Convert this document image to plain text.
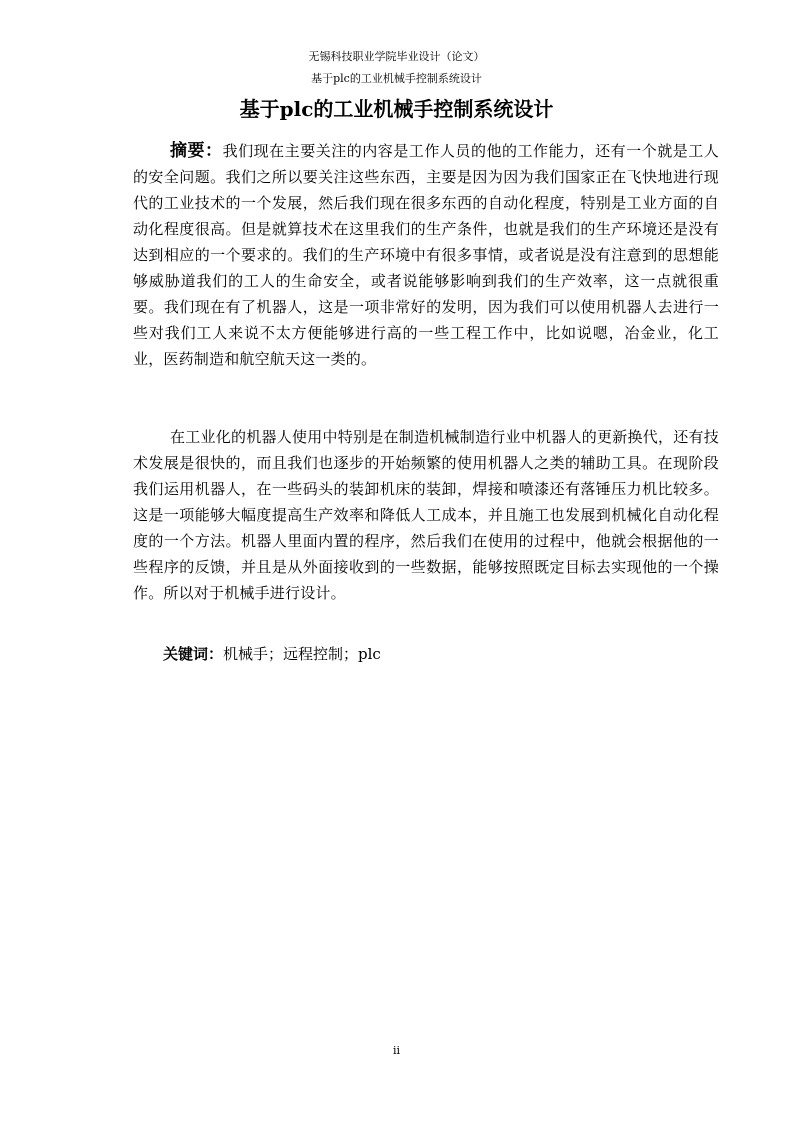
无锡科技职业学院毕业设计（论文）
基于plc的工业机械手控制系统设计
基于plc的工业机械手控制系统设计
摘要：我们现在主要关注的内容是工作人员的他的工作能力，还有一个就是工人的安全问题。我们之所以要关注这些东西，主要是因为因为我们国家正在飞快地进行现代的工业技术的一个发展，然后我们现在很多东西的自动化程度，特别是工业方面的自动化程度很高。但是就算技术在这里我们的生产条件，也就是我们的生产环境还是没有达到相应的一个要求的。我们的生产环境中有很多事情，或者说是没有注意到的思想能够威胁道我们的工人的生命安全，或者说能够影响到我们的生产效率，这一点就很重要。我们现在有了机器人，这是一项非常好的发明，因为我们可以使用机器人去进行一些对我们工人来说不太方便能够进行高的一些工程工作中，比如说嗯，冶金业，化工业，医药制造和航空航天这一类的。
在工业化的机器人使用中特别是在制造机械制造行业中机器人的更新换代，还有技术发展是很快的，而且我们也逐步的开始频繁的使用机器人之类的辅助工具。在现阶段我们运用机器人，在一些码头的装卸机床的装卸，焊接和喷漆还有落锤压力机比较多。这是一项能够大幅度提高生产效率和降低人工成本，并且施工也发展到机械化自动化程度的一个方法。机器人里面内置的程序，然后我们在使用的过程中，他就会根据他的一些程序的反馈，并且是从外面接收到的一些数据，能够按照既定目标去实现他的一个操作。所以对于机械手进行设计。
关键词：机械手；远程控制；plc
ii
